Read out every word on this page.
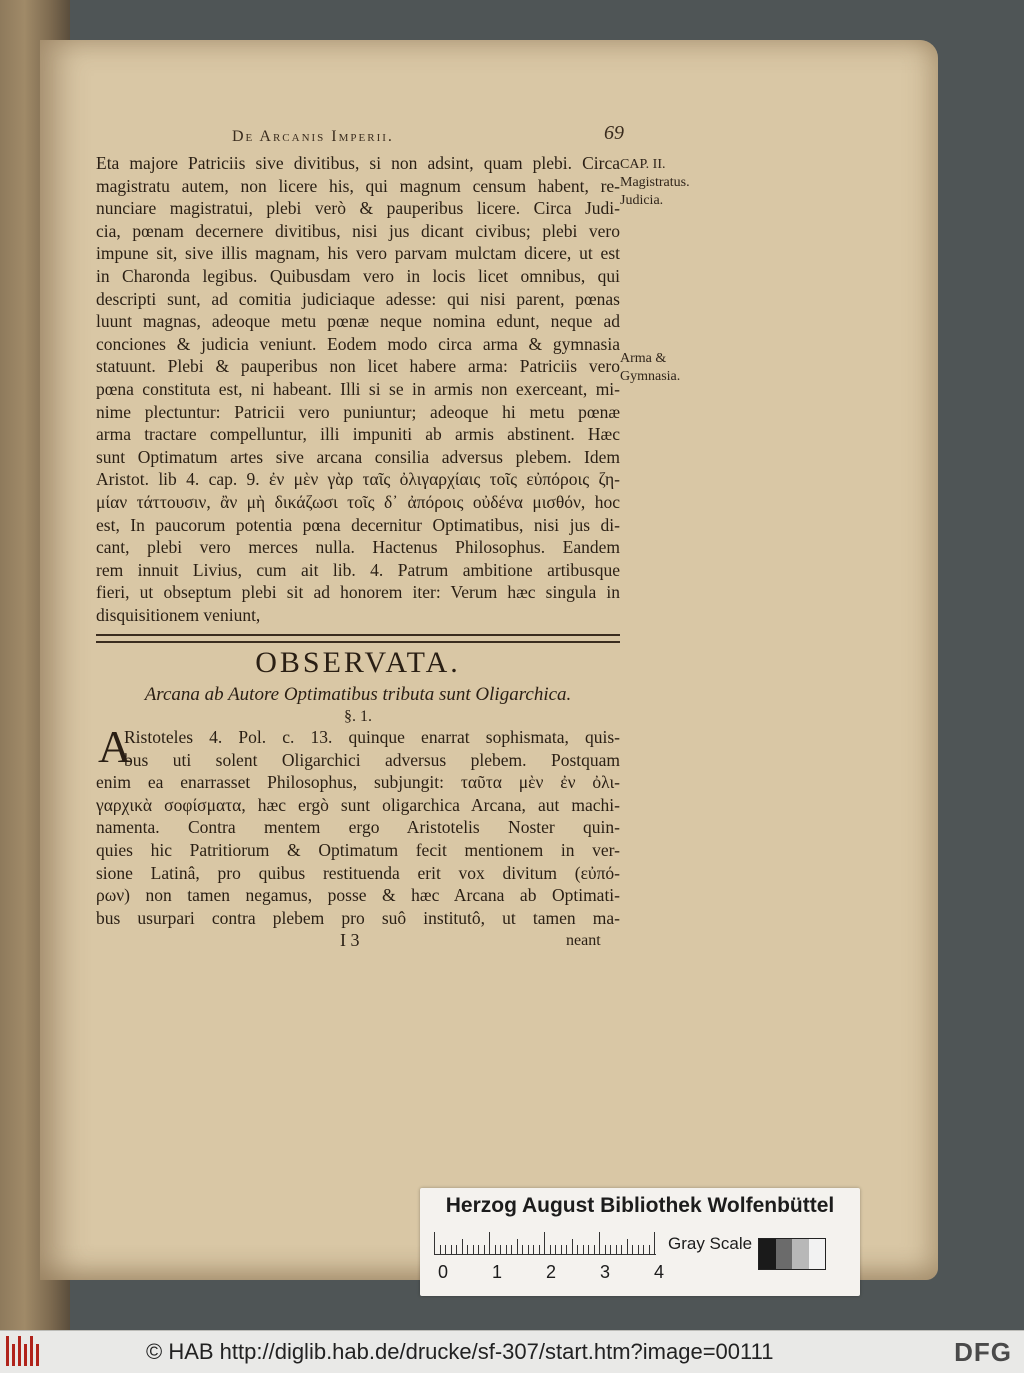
De Arcanis Imperii.	69
Eta majore Patriciis sive divitibus, si non adsint, quam plebi. Circa
magistratu autem, non licere his, qui magnum censum habent, re-
nunciare magistratui, plebi verò & pauperibus licere. Circa Judi-
cia, pœnam decernere divitibus, nisi jus dicant civibus; plebi vero
impune sit, sive illis magnam, his vero parvam mulctam dicere, ut est
in Charonda legibus. Quibusdam vero in locis licet omnibus, qui
descripti sunt, ad comitia judiciaque adesse: qui nisi parent, pœnas
luunt magnas, adeoque metu pœnæ neque nomina edunt, neque ad
conciones & judicia veniunt. Eodem modo circa arma & gymnasia
statuunt. Plebi & pauperibus non licet habere arma: Patriciis vero
pœna constituta est, ni habeant. Illi si se in armis non exerceant, mi-
nime plectuntur: Patricii vero puniuntur; adeoque hi metu pœnæ
arma tractare compelluntur, illi impuniti ab armis abstinent. Hæc
sunt Optimatum artes sive arcana consilia adversus plebem. Idem
Aristot. lib 4. cap. 9. ἐν μὲν γὰρ ταῖς ὀλιγαρχίαις τοῖς εὐπόροις ζη-
μίαν τάττουσιν, ἂν μὴ δικάζωσι τοῖς δ᾽ ἀπόροις οὐδένα μισθόν, hoc
est, In paucorum potentia pœna decernitur Optimatibus, nisi jus di-
cant, plebi vero merces nulla. Hactenus Philosophus. Eandem
rem innuit Livius, cum ait lib. 4. Patrum ambitione artibusque
fieri, ut obseptum plebi sit ad honorem iter: Verum hæc singula in
disquisitionem veniunt,
CAP. II.
Magistratus.
Judicia.
Arma &
Gymnasia.
OBSERVATA.
Arcana ab Autore Optimatibus tributa sunt Oligarchica.
§. 1.
A
Ristoteles 4. Pol. c. 13. quinque enarrat sophismata, quis-
bus uti solent Oligarchici adversus plebem. Postquam
enim ea enarrasset Philosophus, subjungit: ταῦτα μὲν ἐν ὀλι-
γαρχικὰ σοφίσματα, hæc ergò sunt oligarchica Arcana, aut machi-
namenta. Contra mentem ergo Aristotelis Noster quin-
quies hic Patritiorum & Optimatum fecit mentionem in ver-
sione Latinâ, pro quibus restituenda erit vox divitum (εὐπό-
ρων) non tamen negamus, posse & hæc Arcana ab Optimati-
bus usurpari contra plebem pro suô institutô, ut tamen ma-
I 3	neant
Herzog August Bibliothek Wolfenbüttel
0 1 2 3 4
Gray Scale
© HAB http://diglib.hab.de/drucke/sf-307/start.htm?image=00111	DFG
